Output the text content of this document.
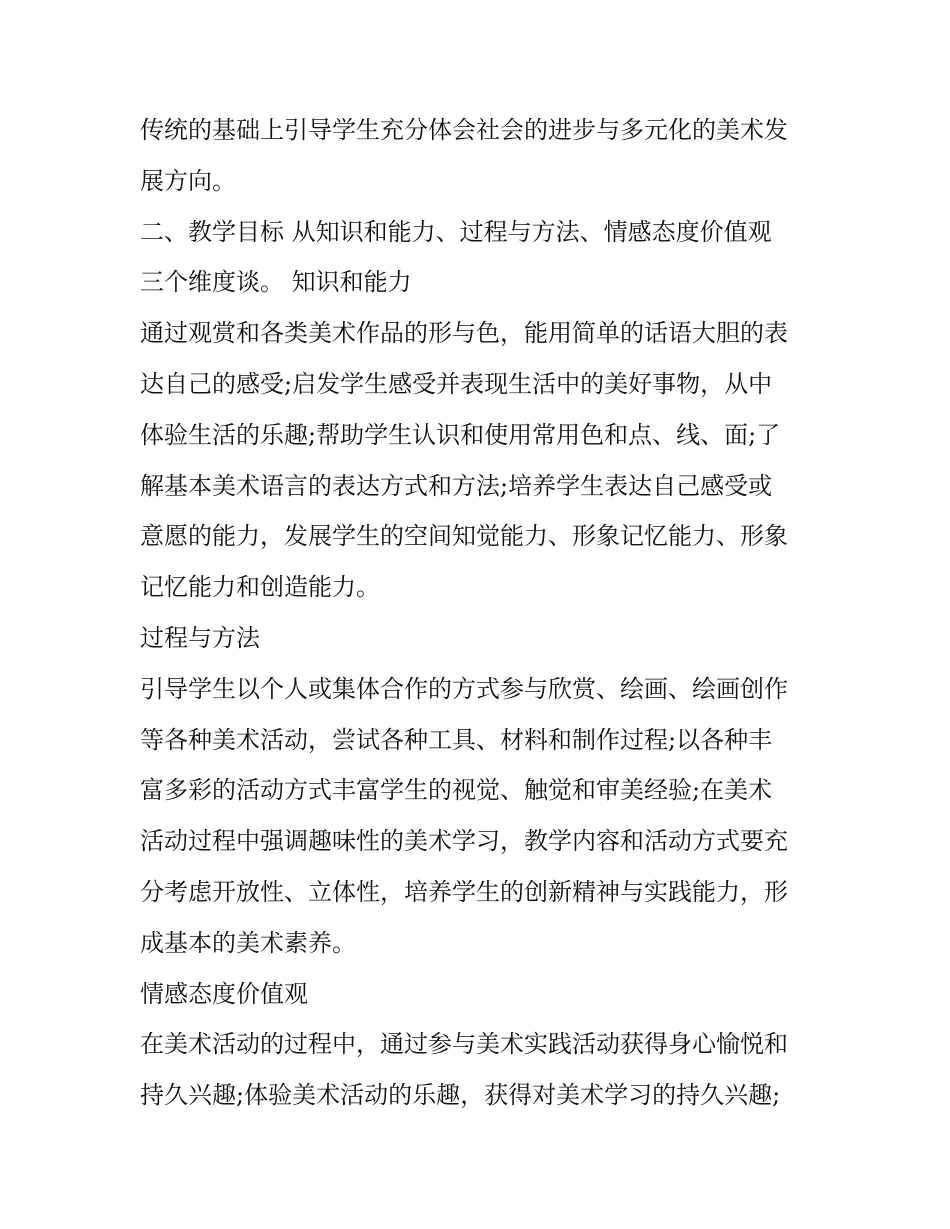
传统的基础上引导学生充分体会社会的进步与多元化的美术发
展方向。
二、教学目标 从知识和能力、过程与方法、情感态度价值观
三个维度谈。 知识和能力
通过观赏和各类美术作品的形与色，能用简单的话语大胆的表
达自己的感受;启发学生感受并表现生活中的美好事物，从中
体验生活的乐趣;帮助学生认识和使用常用色和点、线、面;了
解基本美术语言的表达方式和方法;培养学生表达自己感受或
意愿的能力，发展学生的空间知觉能力、形象记忆能力、形象
记忆能力和创造能力。
过程与方法
引导学生以个人或集体合作的方式参与欣赏、绘画、绘画创作
等各种美术活动，尝试各种工具、材料和制作过程;以各种丰
富多彩的活动方式丰富学生的视觉、触觉和审美经验;在美术
活动过程中强调趣味性的美术学习，教学内容和活动方式要充
分考虑开放性、立体性，培养学生的创新精神与实践能力，形
成基本的美术素养。
情感态度价值观
在美术活动的过程中，通过参与美术实践活动获得身心愉悦和
持久兴趣;体验美术活动的乐趣，获得对美术学习的持久兴趣;
